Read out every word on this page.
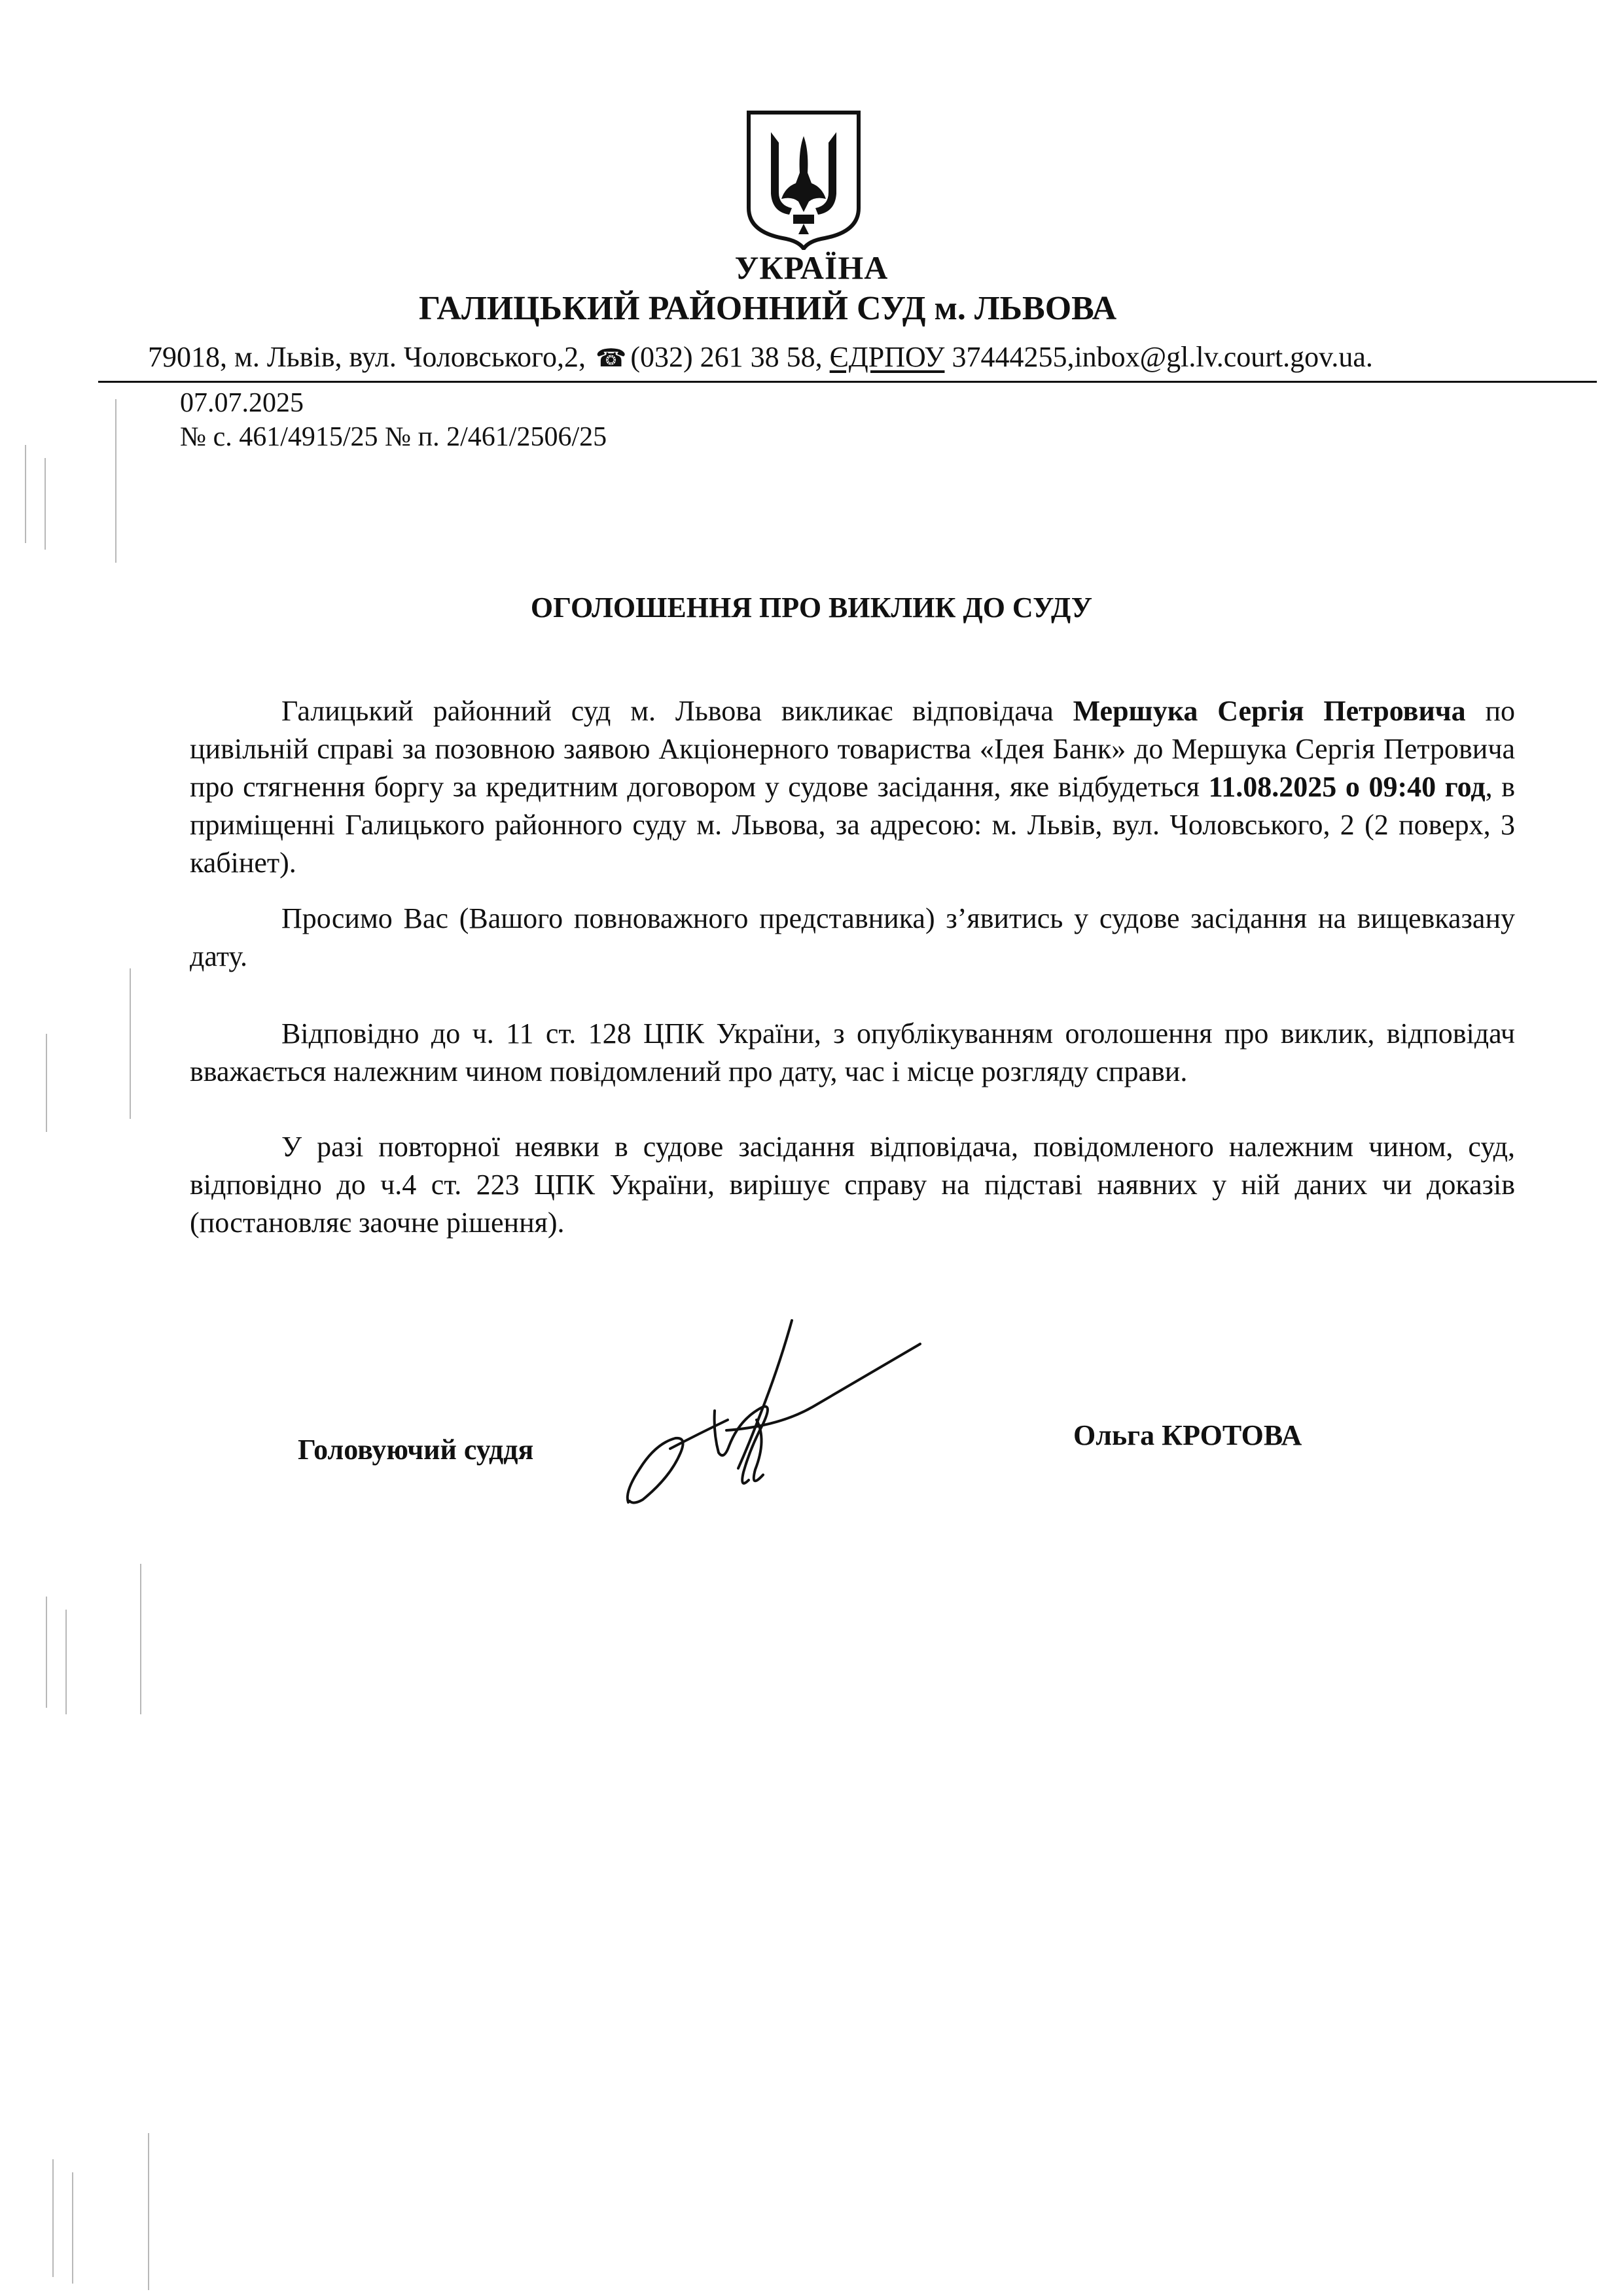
УКРАЇНА
ГАЛИЦЬКИЙ РАЙОННИЙ СУД м. ЛЬВОВА
79018, м. Львів, вул. Чоловського,2, ☎ (032) 261 38 58, ЄДРПОУ 37444255,inbox@gl.lv.court.gov.ua.
07.07.2025
№ с. 461/4915/25 № п. 2/461/2506/25
ОГОЛОШЕННЯ ПРО ВИКЛИК ДО СУДУ

Галицький районний суд м. Львова викликає відповідача Мершука Сергія Петровича по цивільній справі за позовною заявою Акціонерного товариства «Ідея Банк» до Мершука Сергія Петровича про стягнення боргу за кредитним договором у судове засідання, яке відбудеться 11.08.2025 о 09:40 год, в приміщенні Галицького районного суду м. Львова, за адресою: м. Львів, вул. Чоловського, 2 (2 поверх, 3 кабінет).

Просимо Вас (Вашого повноважного представника) з’явитись у судове засідання на вищевказану дату.

Відповідно до ч. 11 ст. 128 ЦПК України, з опублікуванням оголошення про виклик, відповідач вважається належним чином повідомлений про дату, час і місце розгляду справи.

У разі повторної неявки в судове засідання відповідача, повідомленого належним чином, суд, відповідно до ч.4 ст. 223 ЦПК України, вирішує справу на підставі наявних у ній даних чи доказів (постановляє заочне рішення).

Головуючий суддя	Ольга КРОТОВА
